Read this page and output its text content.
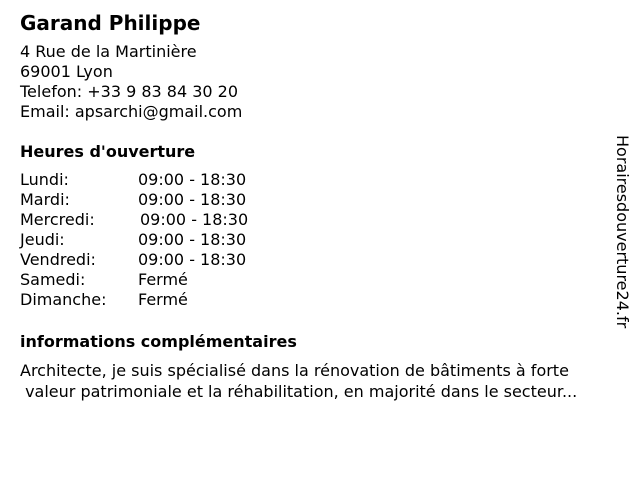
Garand Philippe
4 Rue de la Martinière
69001 Lyon
Telefon: +33 9 83 84 30 20
Email: apsarchi@gmail.com
Heures d'ouverture
Lundi:	09:00 - 18:30
Mardi:	09:00 - 18:30
Mercredi:	09:00 - 18:30
Jeudi:	09:00 - 18:30
Vendredi:	09:00 - 18:30
Samedi:	Fermé
Dimanche: Fermé
informations complémentaires
Architecte, je suis spécialisé dans la rénovation de bâtiments à forte
valeur patrimoniale et la réhabilitation, en majorité dans le secteur...
Horairesdouverture24.fr
